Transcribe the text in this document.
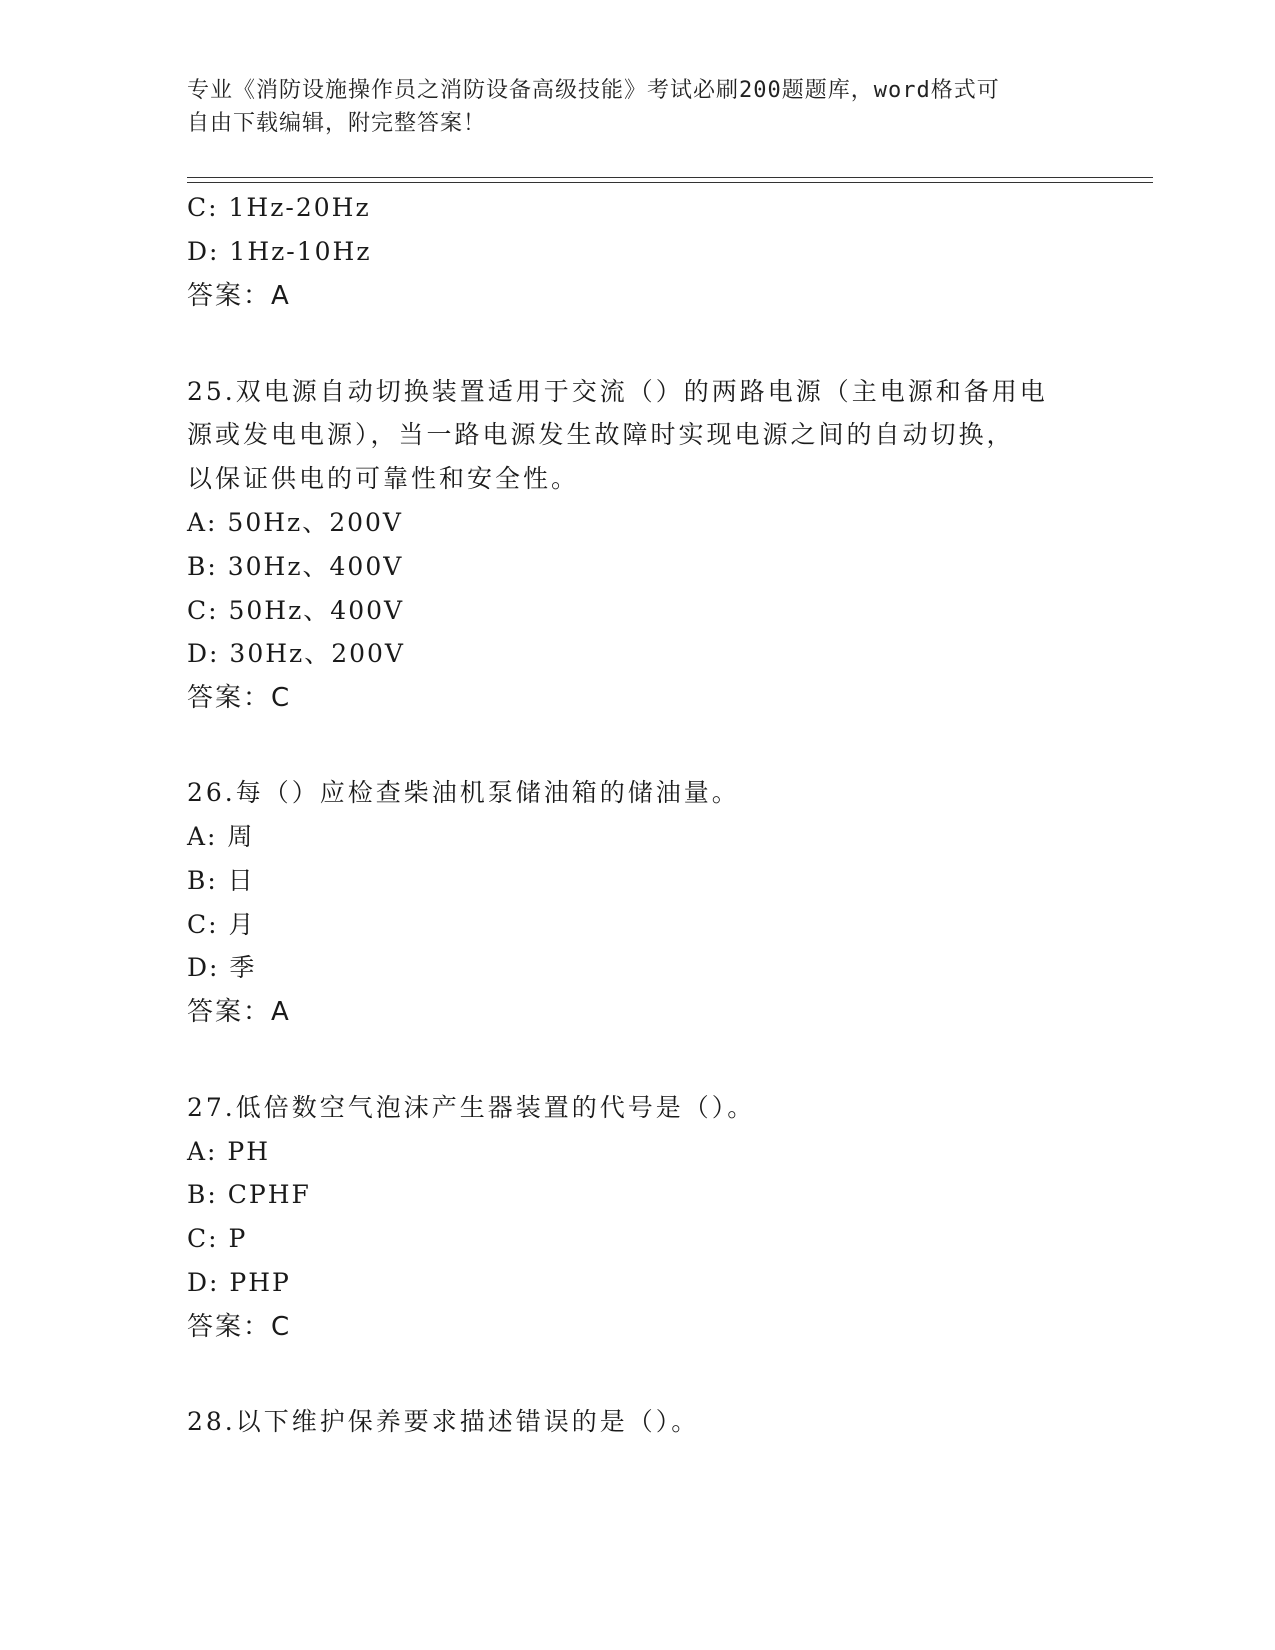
专业《消防设施操作员之消防设备高级技能》考试必刷200题题库，word格式可
自由下载编辑，附完整答案！
C: 1Hz-20Hz
D: 1Hz-10Hz
答案：A
25.双电源自动切换装置适用于交流（）的两路电源（主电源和备用电
源或发电电源），当一路电源发生故障时实现电源之间的自动切换，
以保证供电的可靠性和安全性。
A: 50Hz、200V
B: 30Hz、400V
C: 50Hz、400V
D: 30Hz、200V
答案：C
26.每（）应检查柴油机泵储油箱的储油量。
A: 周
B: 日
C: 月
D: 季
答案：A
27.低倍数空气泡沫产生器装置的代号是（）。
A: PH
B: CPHF
C: P
D: PHP
答案：C
28.以下维护保养要求描述错误的是（）。
